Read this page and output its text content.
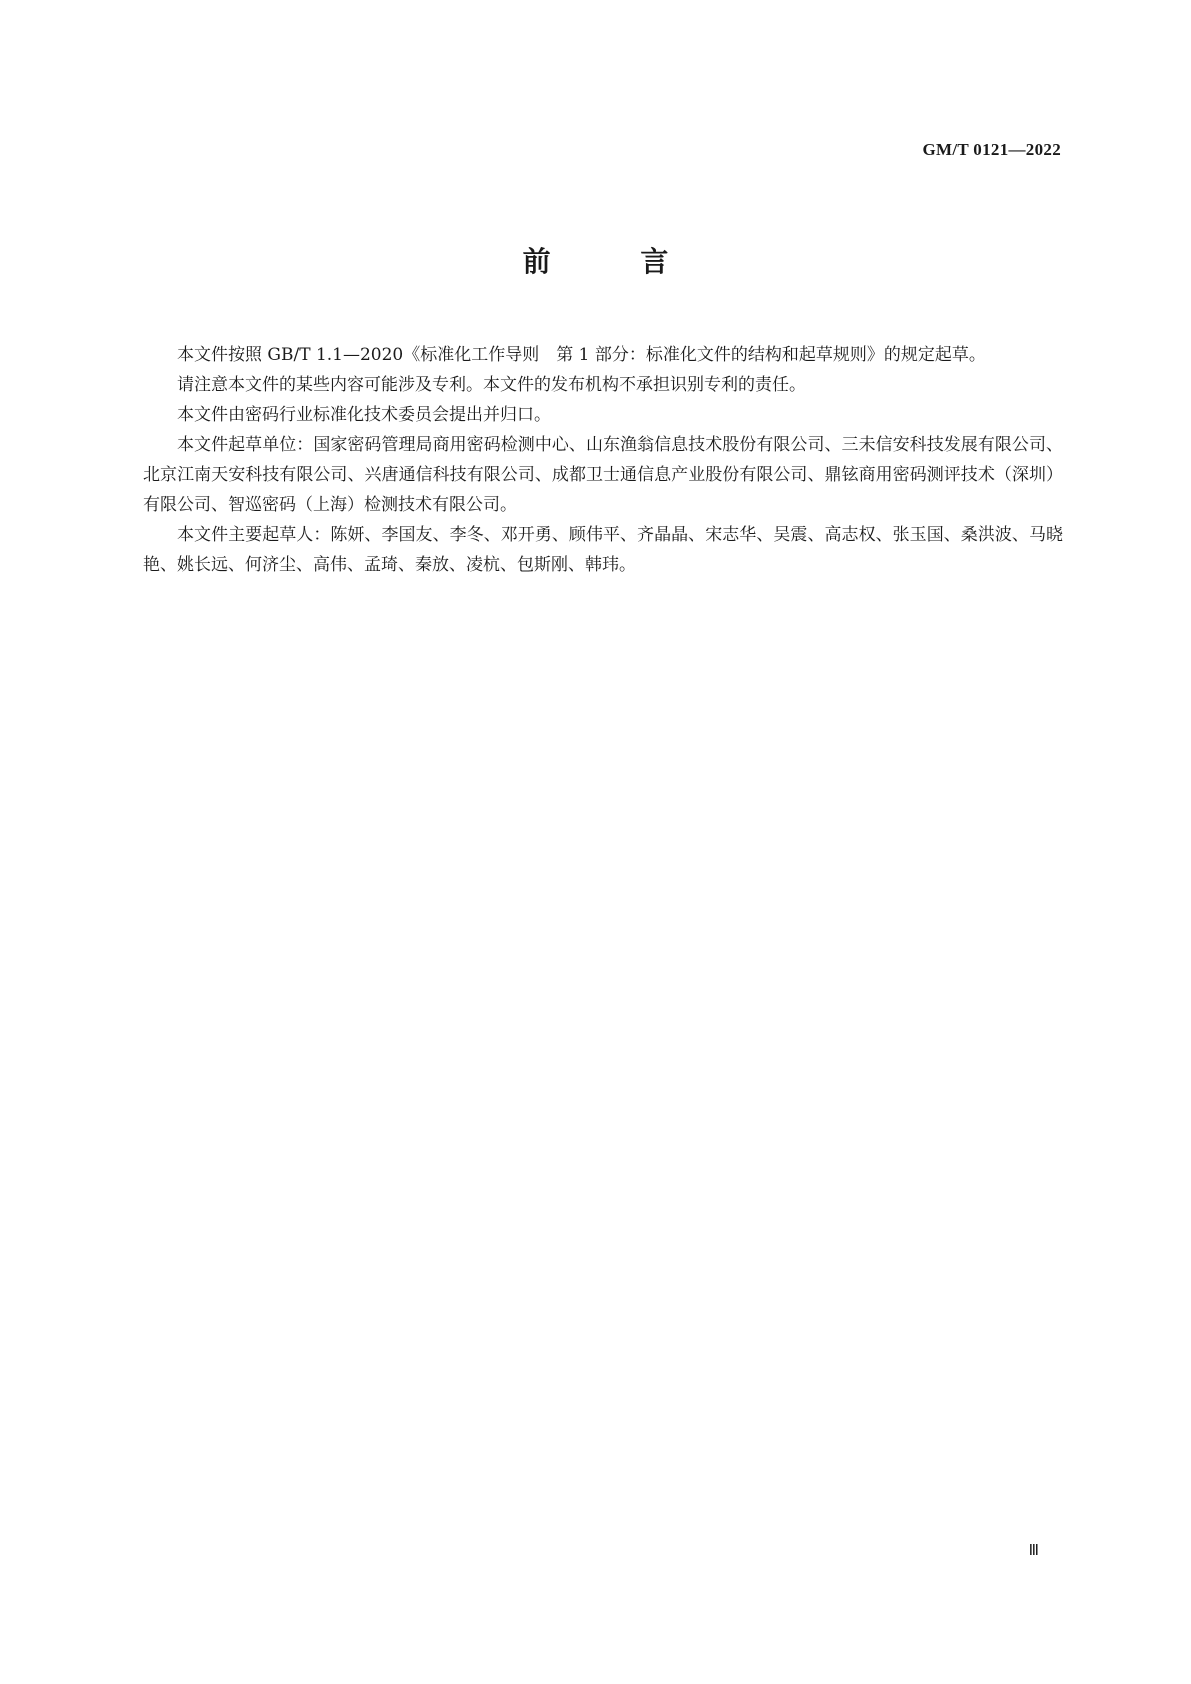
GM/T 0121—2022
前 言

本文件按照 GB/T 1.1—2020《标准化工作导则　第 1 部分：标准化文件的结构和起草规则》的规定起草。

请注意本文件的某些内容可能涉及专利。本文件的发布机构不承担识别专利的责任。

本文件由密码行业标准化技术委员会提出并归口。

本文件起草单位：国家密码管理局商用密码检测中心、山东渔翁信息技术股份有限公司、三未信安科技发展有限公司、北京江南天安科技有限公司、兴唐通信科技有限公司、成都卫士通信息产业股份有限公司、鼎铉商用密码测评技术（深圳）有限公司、智巡密码（上海）检测技术有限公司。

本文件主要起草人：陈妍、李国友、李冬、邓开勇、顾伟平、齐晶晶、宋志华、吴震、高志权、张玉国、桑洪波、马晓艳、姚长远、何济尘、高伟、孟琦、秦放、凌杭、包斯刚、韩玮。

Ⅲ
